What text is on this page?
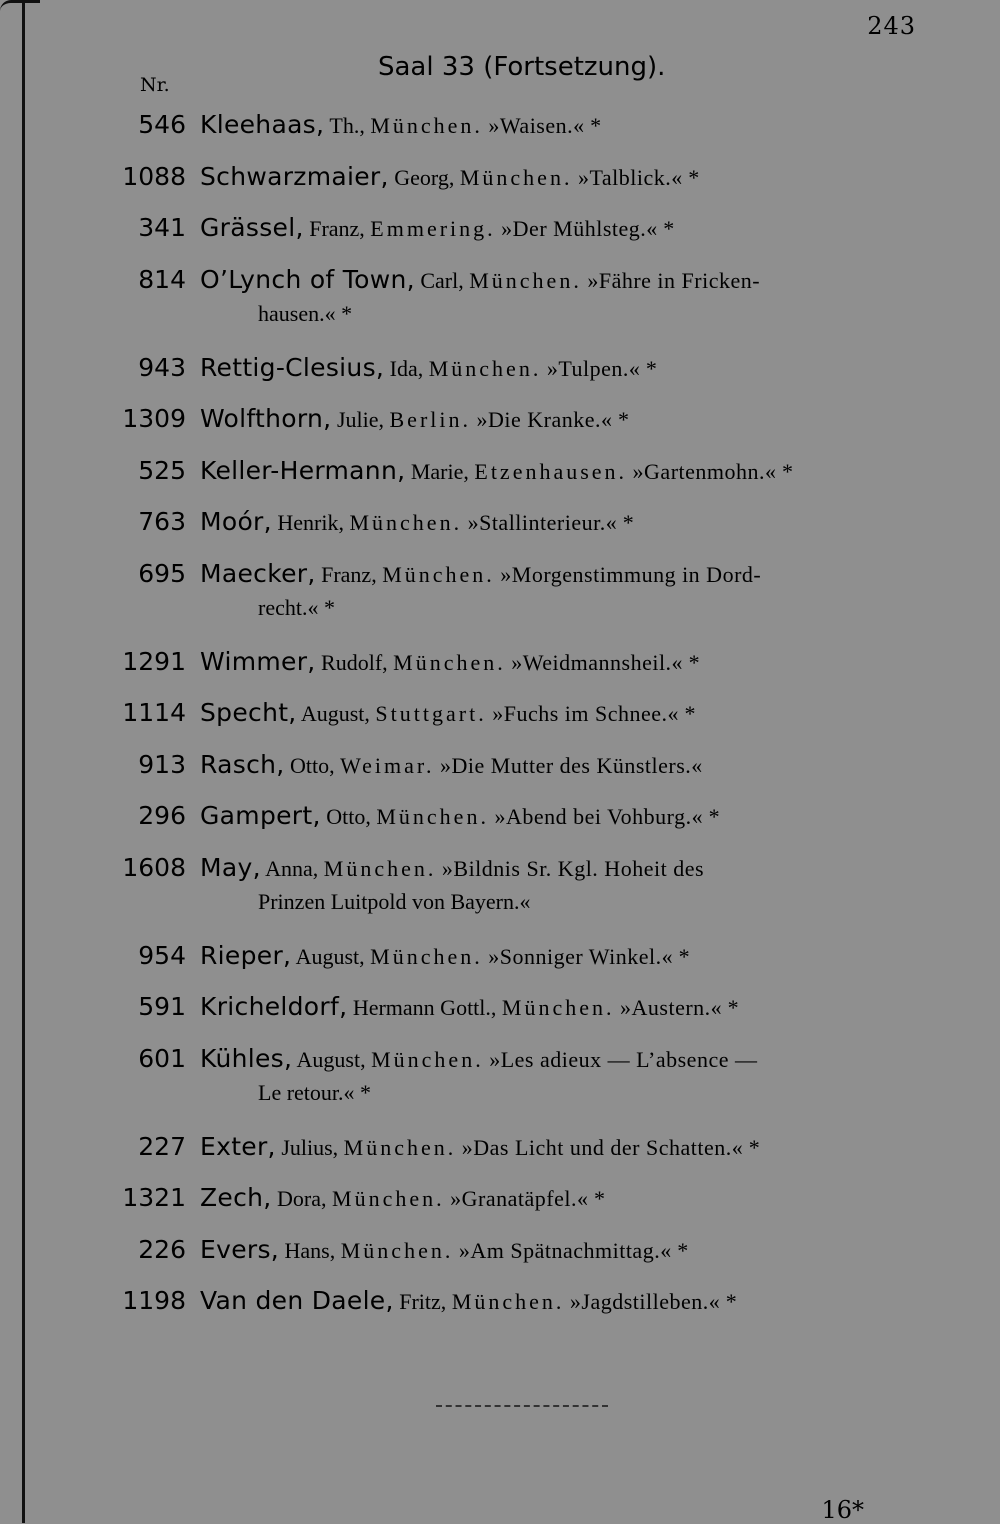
243
Saal 33 (Fortsetzung).
Nr.
546 Kleehaas, Th., München. »Waisen.« *
1088 Schwarzmaier, Georg, München. »Talblick.« *
341 Grässel, Franz, Emmering. »Der Mühlsteg.« *
814 O’Lynch of Town, Carl, München. »Fähre in Fricken-
hausen.« *
943 Rettig-Clesius, Ida, München. »Tulpen.« *
1309 Wolfthorn, Julie, Berlin. »Die Kranke.« *
525 Keller-Hermann, Marie, Etzenhausen. »Gartenmohn.« *
763 Moór, Henrik, München. »Stallinterieur.« *
695 Maecker, Franz, München. »Morgenstimmung in Dord-
recht.« *
1291 Wimmer, Rudolf, München. »Weidmannsheil.« *
1114 Specht, August, Stuttgart. »Fuchs im Schnee.« *
913 Rasch, Otto, Weimar. »Die Mutter des Künstlers.«
296 Gampert, Otto, München. »Abend bei Vohburg.« *
1608 May, Anna, München. »Bildnis Sr. Kgl. Hoheit des
Prinzen Luitpold von Bayern.«
954 Rieper, August, München. »Sonniger Winkel.« *
591 Kricheldorf, Hermann Gottl., München. »Austern.« *
601 Kühles, August, München. »Les adieux — L’absence —
Le retour.« *
227 Exter, Julius, München. »Das Licht und der Schatten.« *
1321 Zech, Dora, München. »Granatäpfel.« *
226 Evers, Hans, München. »Am Spätnachmittag.« *
1198 Van den Daele, Fritz, München. »Jagdstilleben.« *
16*
